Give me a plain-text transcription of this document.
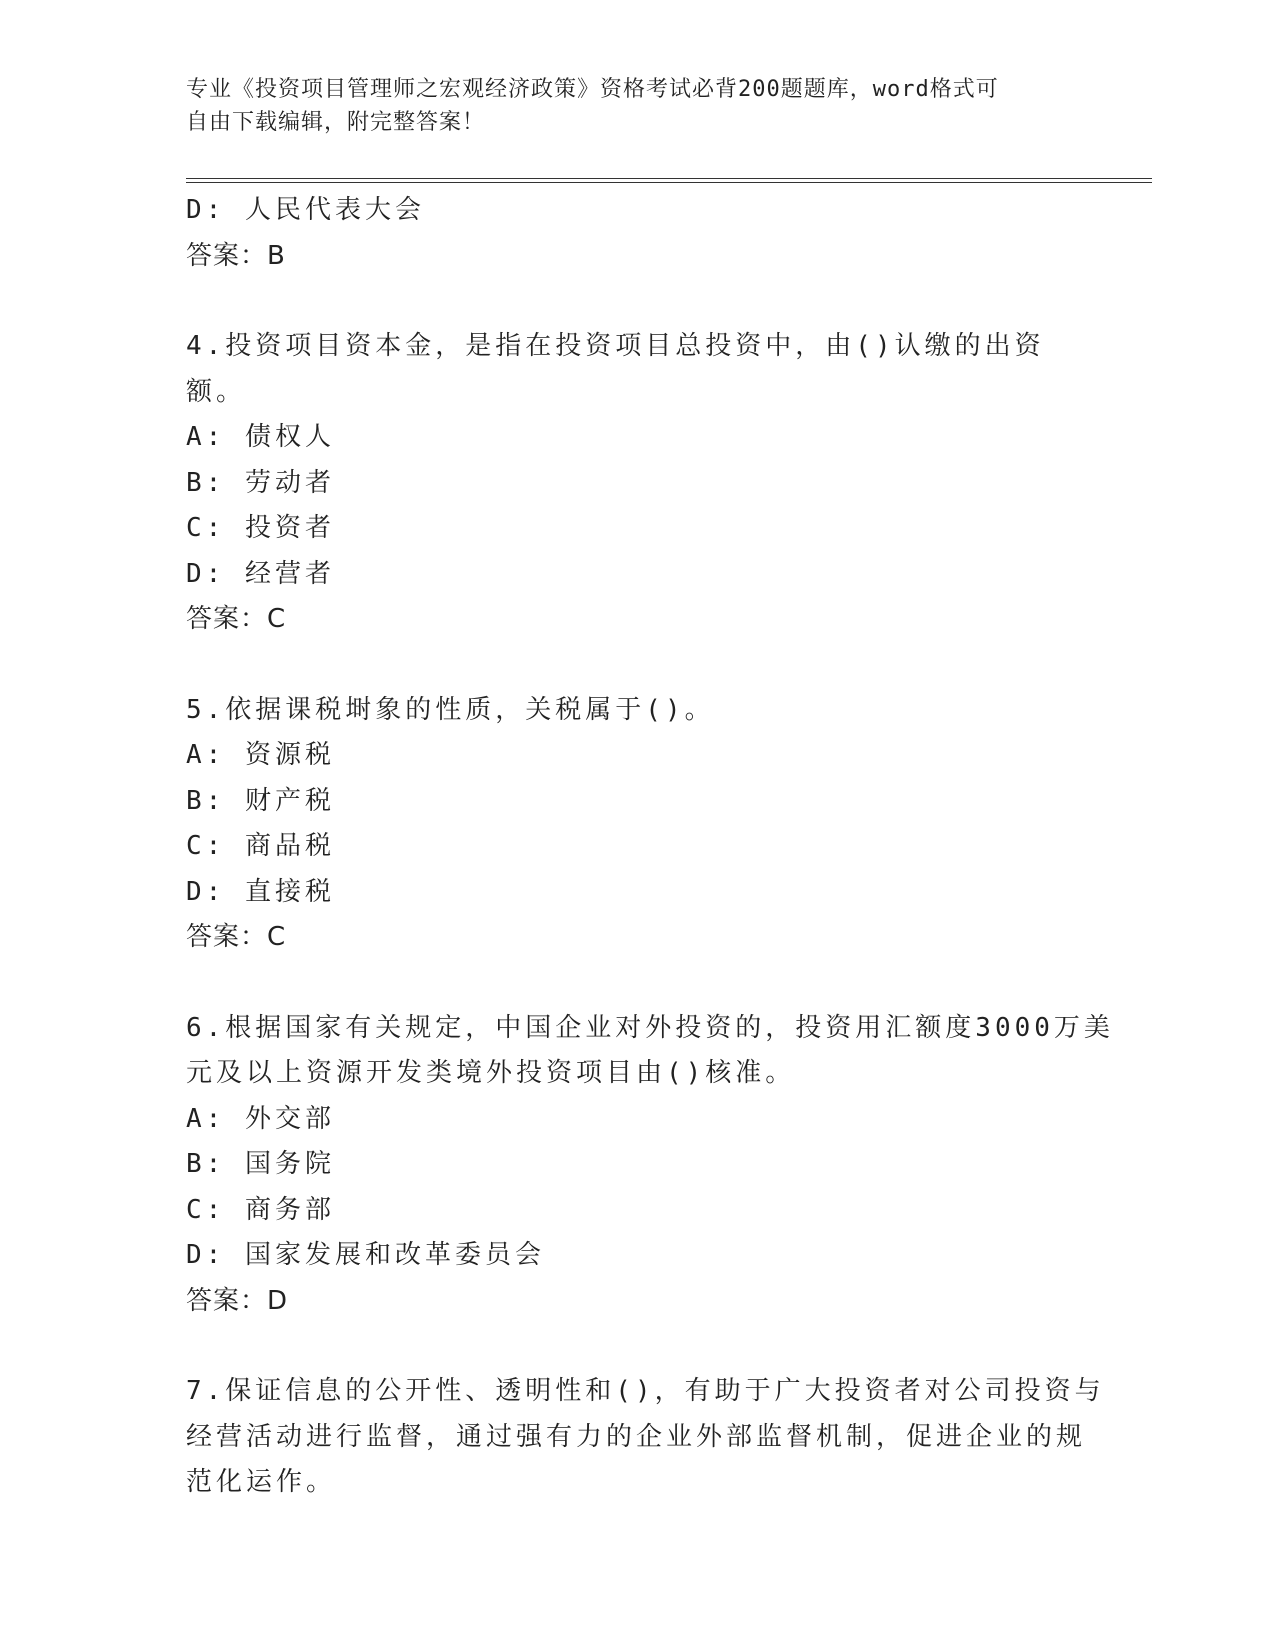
专业《投资项目管理师之宏观经济政策》资格考试必背200题题库，word格式可
自由下载编辑，附完整答案！
D: 人民代表大会
答案：B
4.投资项目资本金，是指在投资项目总投资中，由()认缴的出资额。
A: 债权人
B: 劳动者
C: 投资者
D: 经营者
答案：C
5.依据课税埘象的性质，关税属于()。
A: 资源税
B: 财产税
C: 商品税
D: 直接税
答案：C
6.根据国家有关规定，中国企业对外投资的，投资用汇额度3000万美
元及以上资源开发类境外投资项目由()核准。
A: 外交部
B: 国务院
C: 商务部
D: 国家发展和改革委员会
答案：D
7.保证信息的公开性、透明性和()，有助于广大投资者对公司投资与
经营活动进行监督，通过强有力的企业外部监督机制，促进企业的规
范化运作。
